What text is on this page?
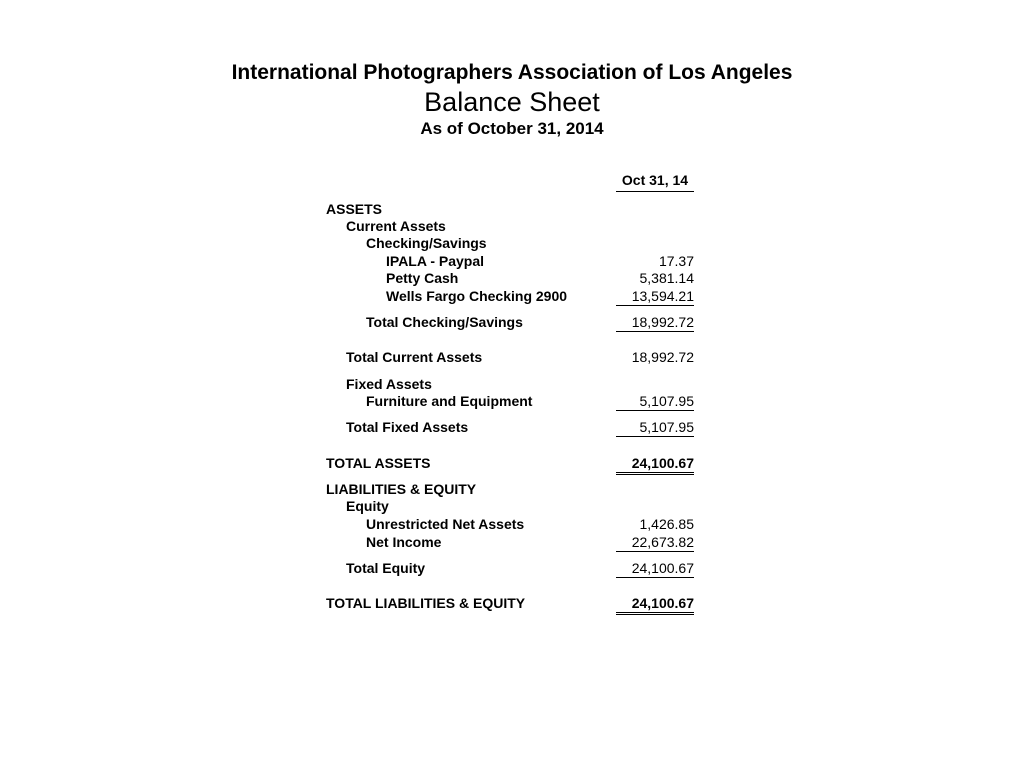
International Photographers Association of Los Angeles
Balance Sheet
As of October 31, 2014
Oct 31, 14
ASSETS
Current Assets
Checking/Savings
IPALA - Paypal	17.37
Petty Cash	5,381.14
Wells Fargo Checking 2900	13,594.21
Total Checking/Savings	18,992.72
Total Current Assets	18,992.72
Fixed Assets
Furniture and Equipment	5,107.95
Total Fixed Assets	5,107.95
TOTAL ASSETS	24,100.67
LIABILITIES & EQUITY
Equity
Unrestricted Net Assets	1,426.85
Net Income	22,673.82
Total Equity	24,100.67
TOTAL LIABILITIES & EQUITY	24,100.67
